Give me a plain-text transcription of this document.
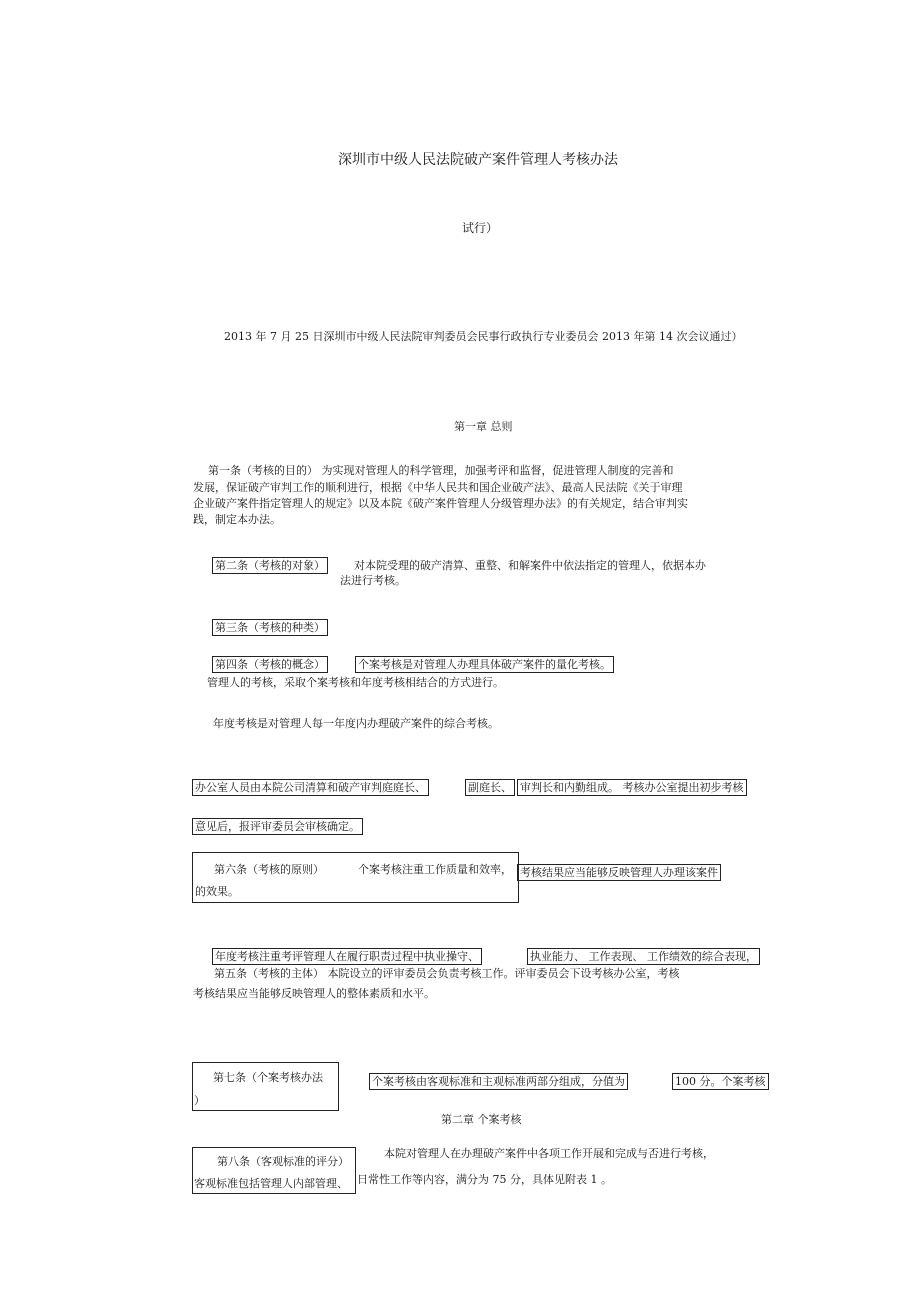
深圳市中级人民法院破产案件管理人考核办法
试行）
2013 年 7 月 25 日深圳市中级人民法院审判委员会民事行政执行专业委员会 2013 年第 14 次会议通过）
第一章 总则
第一条（考核的目的） 为实现对管理人的科学管理，加强考评和监督，促进管理人制度的完善和
发展，保证破产审判工作的顺利进行，根据《中华人民共和国企业破产法》、最高人民法院《关于审理
企业破产案件指定管理人的规定》以及本院《破产案件管理人分级管理办法》的有关规定，结合审判实
践，制定本办法。
第二条（考核的对象）	对本院受理的破产清算、重整、和解案件中依法指定的管理人，依据本办
法进行考核。
第三条（考核的种类）
第四条（考核的概念）	个案考核是对管理人办理具体破产案件的量化考核。
管理人的考核，采取个案考核和年度考核相结合的方式进行。
年度考核是对管理人每一年度内办理破产案件的综合考核。
办公室人员由本院公司清算和破产审判庭庭长、	副庭长、 审判长和内勤组成。 考核办公室提出初步考核
意见后，报评审委员会审核确定。
第六条（考核的原则）	个案考核注重工作质量和效率，
的效果。
考核结果应当能够反映管理人办理该案件
年度考核注重考评管理人在履行职责过程中执业操守、	执业能力、 工作表现、 工作绩效的综合表现，
第五条（考核的主体） 本院设立的评审委员会负责考核工作。评审委员会下设考核办公室，考核
考核结果应当能够反映管理人的整体素质和水平。
第七条（个案考核办法
）
个案考核由客观标准和主观标准两部分组成，分值为	100 分。个案考核
第二章 个案考核
第八条（客观标准的评分）
客观标准包括管理人内部管理、
本院对管理人在办理破产案件中各项工作开展和完成与否进行考核，
日常性工作等内容，满分为 75 分，具体见附表 1 。
